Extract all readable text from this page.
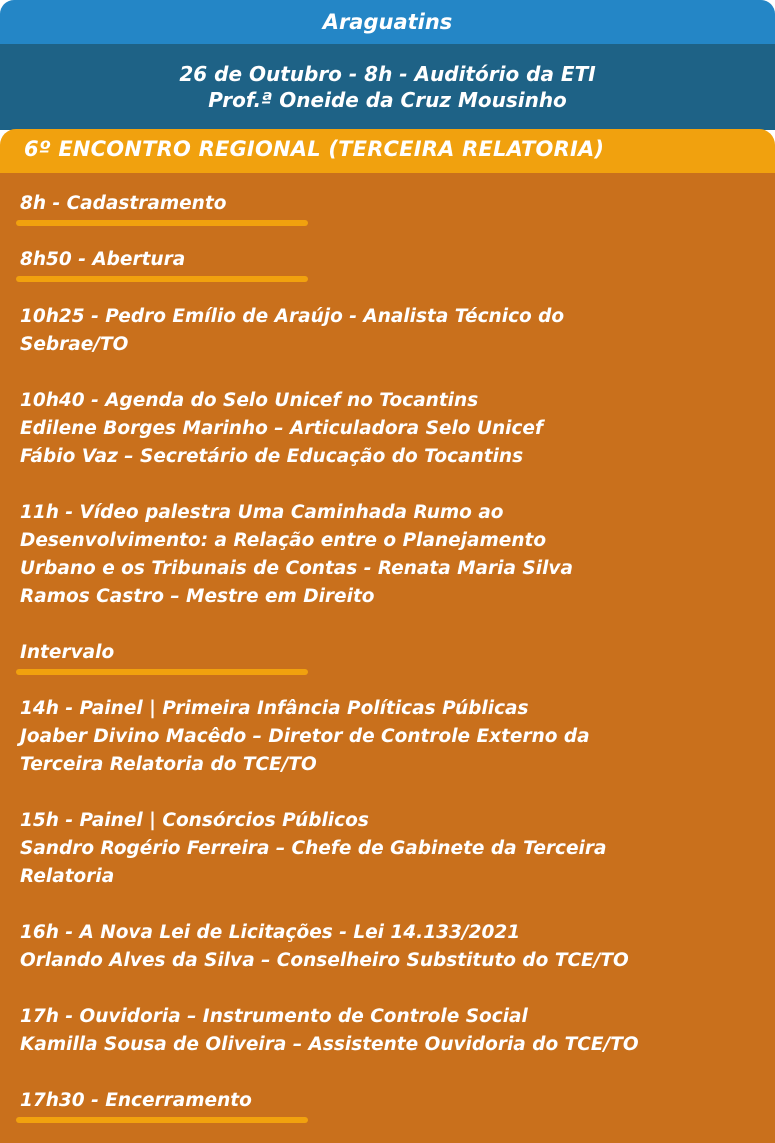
Araguatins
26 de Outubro - 8h - Auditório da ETI
Prof.ª Oneide da Cruz Mousinho
6º ENCONTRO REGIONAL (TERCEIRA RELATORIA)
8h - Cadastramento
8h50 - Abertura
10h25 - Pedro Emílio de Araújo - Analista Técnico do
Sebrae/TO
10h40 - Agenda do Selo Unicef no Tocantins
Edilene Borges Marinho – Articuladora Selo Unicef
Fábio Vaz – Secretário de Educação do Tocantins
11h - Vídeo palestra Uma Caminhada Rumo ao
Desenvolvimento: a Relação entre o Planejamento
Urbano e os Tribunais de Contas - Renata Maria Silva
Ramos Castro – Mestre em Direito
Intervalo
14h - Painel | Primeira Infância Políticas Públicas
Joaber Divino Macêdo – Diretor de Controle Externo da
Terceira Relatoria do TCE/TO
15h - Painel | Consórcios Públicos
Sandro Rogério Ferreira – Chefe de Gabinete da Terceira
Relatoria
16h - A Nova Lei de Licitações - Lei 14.133/2021
Orlando Alves da Silva – Conselheiro Substituto do TCE/TO
17h - Ouvidoria – Instrumento de Controle Social
Kamilla Sousa de Oliveira – Assistente Ouvidoria do TCE/TO
17h30 - Encerramento
